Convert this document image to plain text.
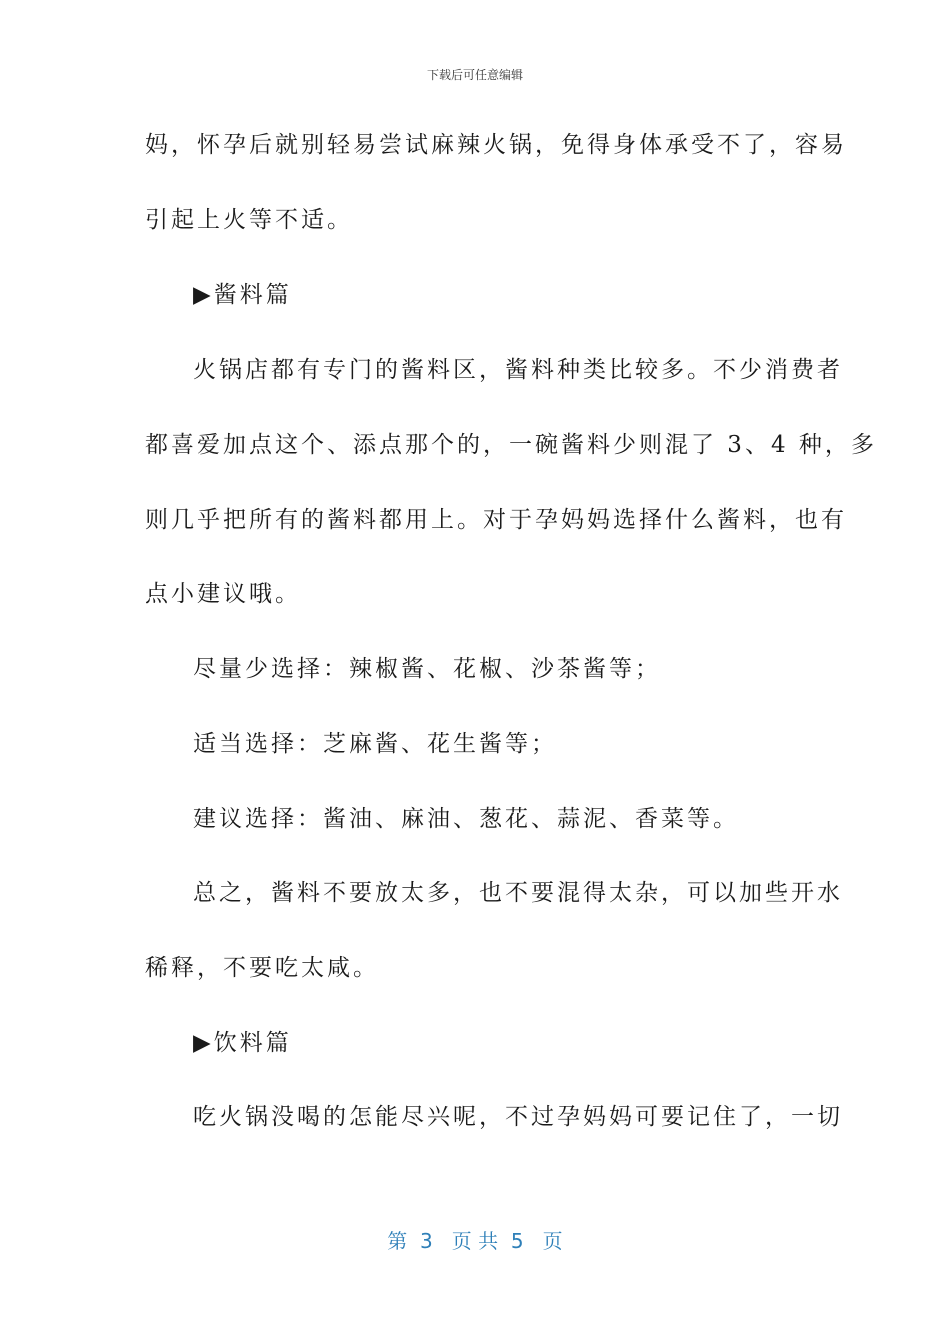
下载后可任意编辑
妈，怀孕后就别轻易尝试麻辣火锅，免得身体承受不了，容易
引起上火等不适。
▶酱料篇
火锅店都有专门的酱料区，酱料种类比较多。不少消费者
都喜爱加点这个、添点那个的，一碗酱料少则混了 3、4 种，多
则几乎把所有的酱料都用上。对于孕妈妈选择什么酱料，也有
点小建议哦。
尽量少选择：辣椒酱、花椒、沙茶酱等；
适当选择：芝麻酱、花生酱等；
建议选择：酱油、麻油、葱花、蒜泥、香菜等。
总之，酱料不要放太多，也不要混得太杂，可以加些开水
稀释，不要吃太咸。
▶饮料篇
吃火锅没喝的怎能尽兴呢，不过孕妈妈可要记住了，一切
第  3   页 共  5   页
